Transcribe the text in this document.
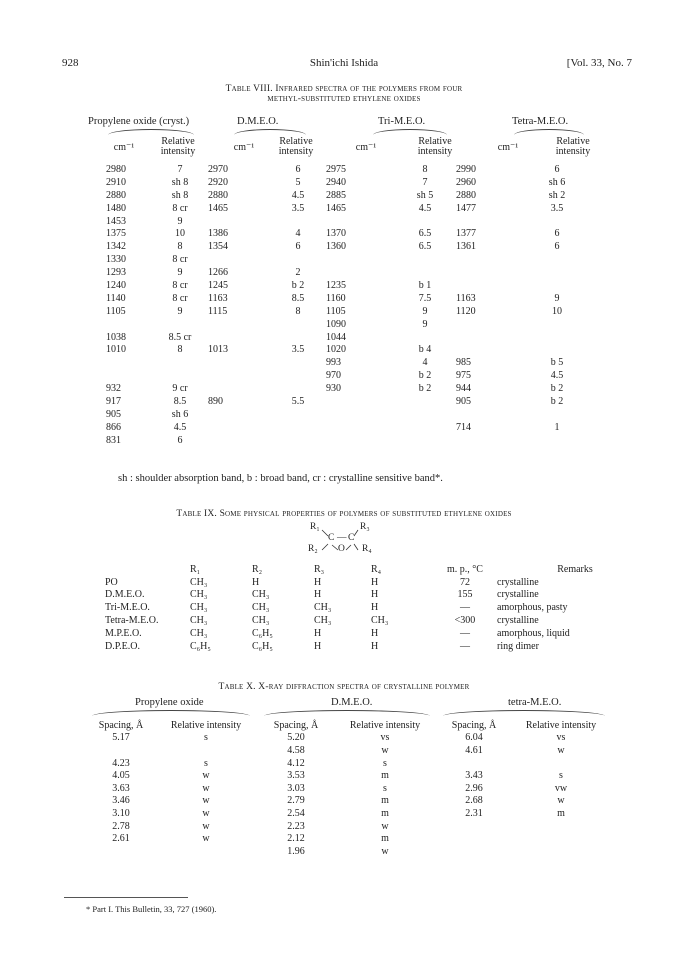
928	Shin'ichi Ishida	[Vol. 33, No. 7
Table VIII. Infrared spectra of the polymers from four
methyl-substituted ethylene oxides
Propylene oxide (cryst.)	D.M.E.O.	Tri-M.E.O.	Tetra-M.E.O.
cm⁻¹
Relative
intensity	cm⁻¹
Relative
intensity	cm⁻¹
Relative
intensity	cm⁻¹
Relative
intensity
2980	7	2970	6	2975	8	2990	6
2910	sh 8	2920	5	2940	7	2960	sh 6
2880	sh 8	2880	4.5	2885	sh 5	2880	sh 2
1480	8 cr	1465	3.5	1465	4.5	1477	3.5
1453	9						
1375	10	1386	4	1370	6.5	1377	6
1342	8	1354	6	1360	6.5	1361	6
1330	8 cr						
1293	9	1266	2				
1240	8 cr	1245	b 2	1235	b 1		
1140	8 cr	1163	8.5	1160	7.5	1163	9
1105	9	1115	8	1105	9	1120	10
				1090	9		
1038	8.5 cr			1044			
1010	8	1013	3.5	1020	b 4		
				993	4	985	b 5
				970	b 2	975	4.5
932	9 cr			930	b 2	944	b 2
917	8.5	890	5.5			905	b 2
905	sh 6						
866	4.5					714	1
831	6						
sh : shoulder absorption band, b : broad band, cr : crystalline sensitive band*.
Table IX. Some physical properties of polymers of substituted ethylene oxides
R₁	R₃
C — C
R₂ O R₄
	R₁	R₂	R₃	R₄	m. p., °C	Remarks
PO	CH₃	H	H	H	72	crystalline
D.M.E.O.	CH₃	CH₃	H	H	155	crystalline
Tri-M.E.O.	CH₃	CH₃	CH₃	H	—	amorphous, pasty
Tetra-M.E.O.	CH₃	CH₃	CH₃	CH₃	<300	crystalline
M.P.E.O.	CH₃	C₆H₅	H	H	—	amorphous, liquid
D.P.E.O.	C₆H₅	C₆H₅	H	H	—	ring dimer
Table X. X-ray diffraction spectra of crystalline polymer
Propylene oxide	D.M.E.O.	tetra-M.E.O.
Spacing, Å	Relative intensity	Spacing, Å	Relative intensity	Spacing, Å	Relative intensity
5.17	s	5.20	vs	6.04	vs
		4.58	w	4.61	w
4.23	s	4.12	s		
4.05	w	3.53	m	3.43	s
3.63	w	3.03	s	2.96	vw
3.46	w	2.79	m	2.68	w
3.10	w	2.54	m	2.31	m
2.78	w	2.23	w		
2.61	w	2.12	m		
		1.96	w		
* Part I. This Bulletin, 33, 727 (1960).
